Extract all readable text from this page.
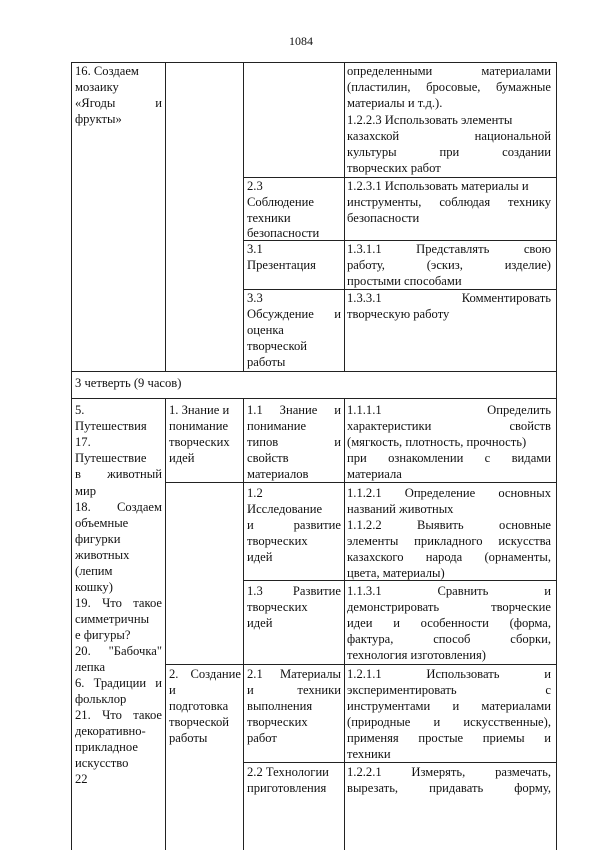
1084
16. Создаем
мозаику
«Ягоды и
фрукты»
определенными материалами
(пластилин, бросовые, бумажные
материалы и т.д.).
1.2.2.3 Использовать элементы
казахской национальной
культуры при создании
творческих работ
2.3
Соблюдение
техники
безопасности
1.2.3.1 Использовать материалы и
инструменты, соблюдая технику
безопасности
3.1
Презентация
1.3.1.1 Представлять свою
работу, (эскиз, изделие)
простыми способами
3.3
Обсуждение и
оценка
творческой
работы
1.3.3.1 Комментировать
творческую работу
3 четверть (9 часов)
5.
Путешествия
17.
Путешествие
в животный
мир
18. Создаем
объемные
фигурки
животных
(лепим
кошку)
19. Что такое
симметричны
е фигуры?
20. "Бабочка"
лепка
6. Традиции и
фольклор
21. Что такое
декоративно-
прикладное
искусство
22
1. Знание и
понимание
творческих
идей
1.1 Знание и
понимание
типов и
свойств
материалов
1.1.1.1 Определить
характеристики свойств
(мягкость, плотность, прочность)
при ознакомлении с видами
материала
1.2
Исследование
и развитие
творческих
идей
1.1.2.1 Определение основных
названий животных
1.1.2.2 Выявить основные
элементы прикладного искусства
казахского народа (орнаменты,
цвета, материалы)
1.3 Развитие
творческих
идей
1.1.3.1 Сравнить и
демонстрировать творческие
идеи и особенности (форма,
фактура, способ сборки,
технология изготовления)
2. Создание
и
подготовка
творческой
работы
2.1 Материалы
и техники
выполнения
творческих
работ
1.2.1.1 Использовать и
экспериментировать с
инструментами и материалами
(природные и искусственные),
применяя простые приемы и
техники
2.2 Технологии
приготовления
1.2.2.1 Измерять, размечать,
вырезать, придавать форму,
